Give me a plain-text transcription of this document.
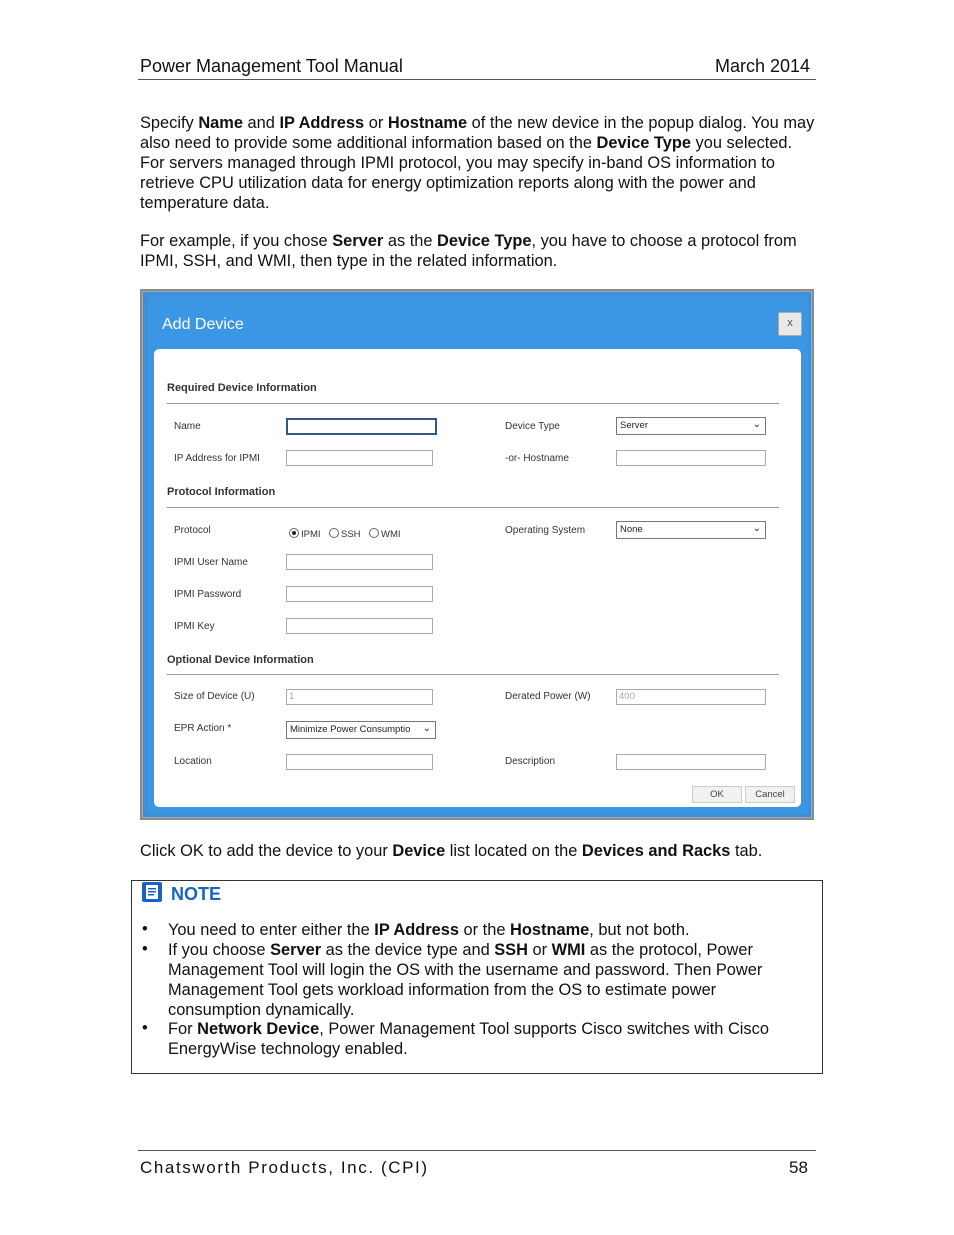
Power Management Tool Manual	March 2014
Specify Name and IP Address or Hostname of the new device in the popup dialog. You may also need to provide some additional information based on the Device Type you selected. For servers managed through IPMI protocol, you may specify in-band OS information to retrieve CPU utilization data for energy optimization reports along with the power and temperature data.
For example, if you chose Server as the Device Type, you have to choose a protocol from IPMI, SSH, and WMI, then type in the related information.
Add Device	x
Required Device Information
Name	Device Type	Server	⌄
IP Address for IPMI	-or- Hostname
Protocol Information
Protocol	IPMI SSH WMI	Operating System	None	⌄
IPMI User Name
IPMI Password
IPMI Key
Optional Device Information
Size of Device (U)	1	Derated Power (W)	400
EPR Action *	Minimize Power Consumptio ⌄
Location	Description
OK	Cancel
Click OK to add the device to your Device list located on the Devices and Racks tab.
NOTE
• You need to enter either the IP Address or the Hostname, but not both.
• If you choose Server as the device type and SSH or WMI as the protocol, Power Management Tool will login the OS with the username and password. Then Power Management Tool gets workload information from the OS to estimate power consumption dynamically.
• For Network Device, Power Management Tool supports Cisco switches with Cisco EnergyWise technology enabled.
Chatsworth Products, Inc. (CPI)	58
